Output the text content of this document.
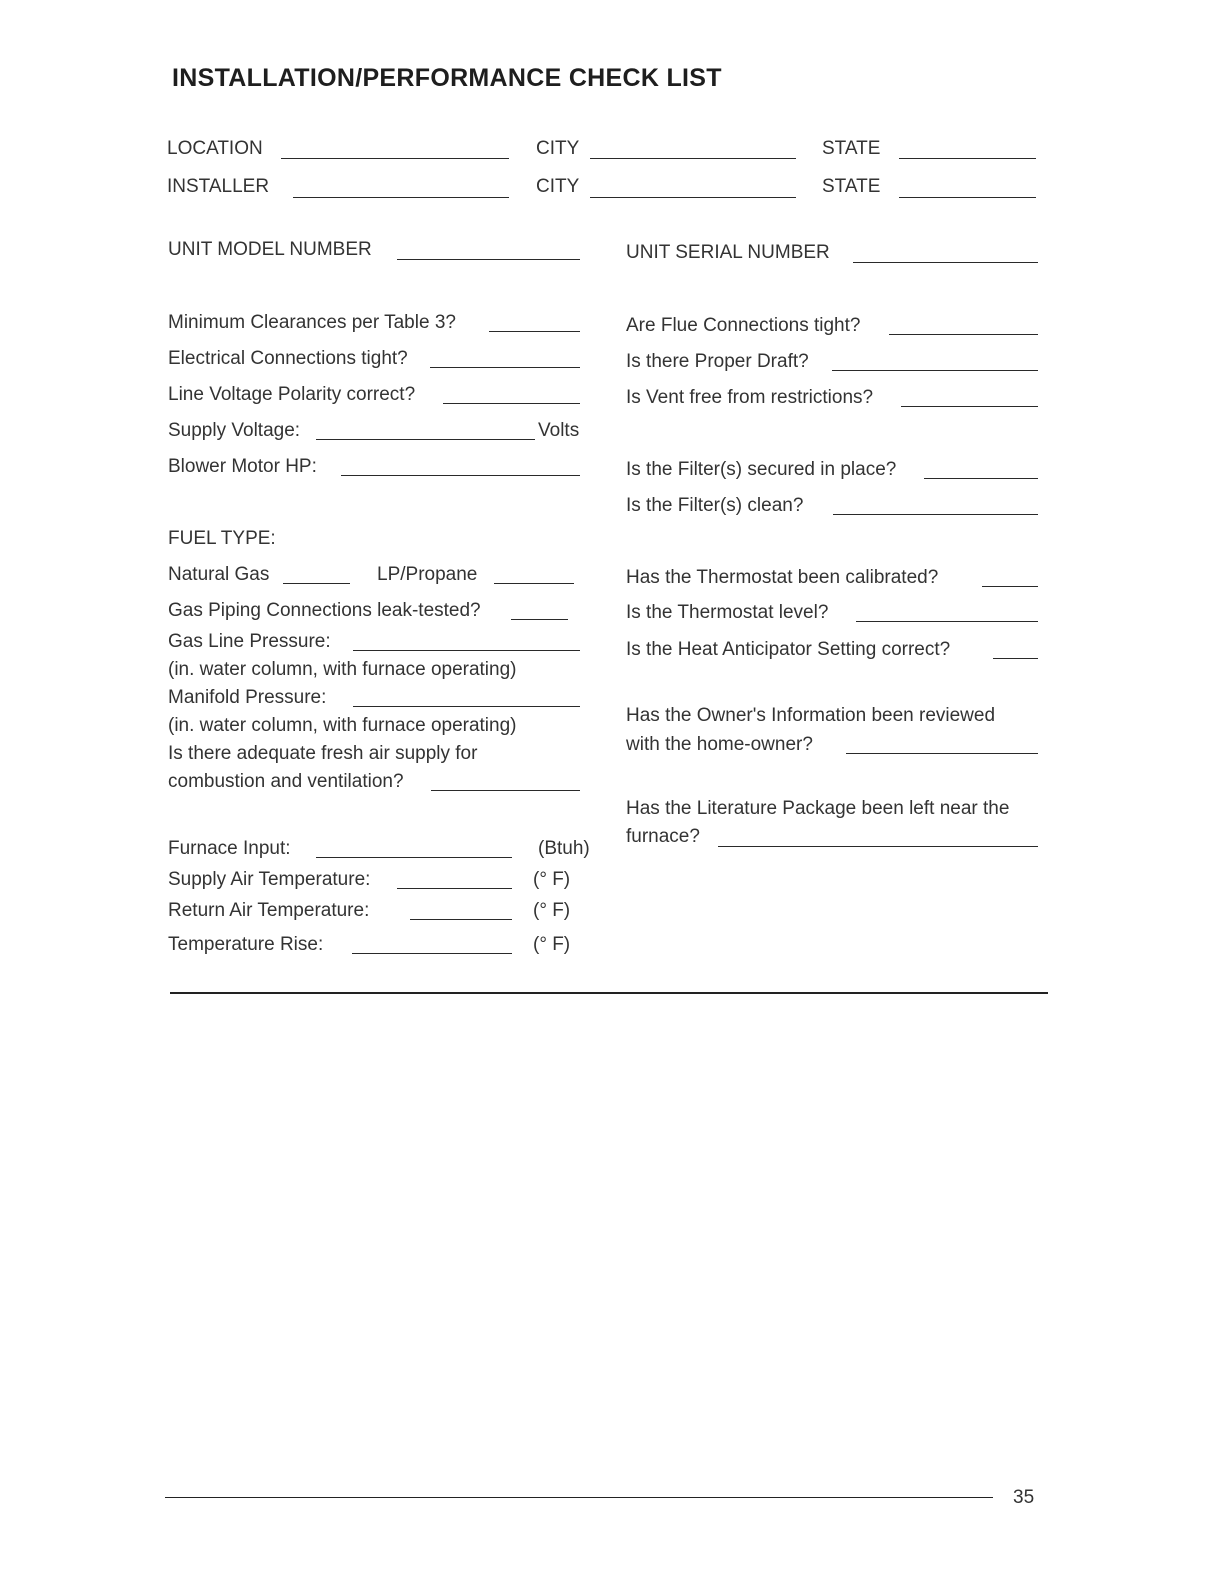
INSTALLATION/PERFORMANCE CHECK LIST
LOCATION	CITY	STATE
INSTALLER	CITY	STATE
UNIT MODEL NUMBER	UNIT SERIAL NUMBER
Minimum Clearances per Table 3?
Electrical Connections tight?
Line Voltage Polarity correct?
Supply Voltage:	Volts
Blower Motor HP:
FUEL TYPE:
Natural Gas	LP/Propane
Gas Piping Connections leak-tested?
Gas Line Pressure:
(in. water column, with furnace operating)
Manifold Pressure:
(in. water column, with furnace operating)
Is there adequate fresh air supply for
combustion and ventilation?
Furnace Input:	(Btuh)
Supply Air Temperature:	(° F)
Return Air Temperature:	(° F)
Temperature Rise:	(° F)
Are Flue Connections tight?
Is there Proper Draft?
Is Vent free from restrictions?
Is the Filter(s) secured in place?
Is the Filter(s) clean?
Has the Thermostat been calibrated?
Is the Thermostat level?
Is the Heat Anticipator Setting correct?
Has the Owner's Information been reviewed
with the home-owner?
Has the Literature Package been left near the
furnace?
35
